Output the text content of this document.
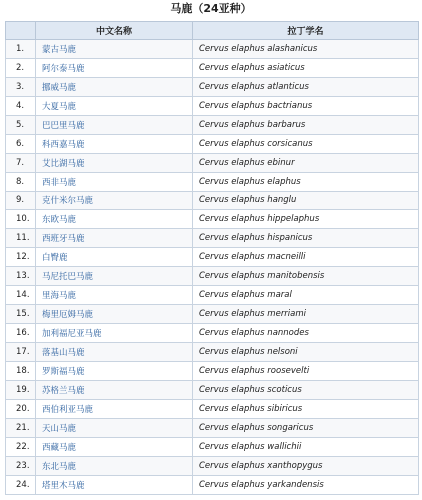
马鹿（24亚种）
	中文名称	拉丁学名
1.	蒙古马鹿	Cervus elaphus alashanicus
2.	阿尔泰马鹿	Cervus elaphus asiaticus
3.	挪威马鹿	Cervus elaphus atlanticus
4.	大夏马鹿	Cervus elaphus bactrianus
5.	巴巴里马鹿	Cervus elaphus barbarus
6.	科西嘉马鹿	Cervus elaphus corsicanus
7.	艾比湖马鹿	Cervus elaphus ebinur
8.	西非马鹿	Cervus elaphus elaphus
9.	克什米尔马鹿	Cervus elaphus hanglu
10.	东欧马鹿	Cervus elaphus hippelaphus
11.	西班牙马鹿	Cervus elaphus hispanicus
12.	白臀鹿	Cervus elaphus macneilli
13.	马尼托巴马鹿	Cervus elaphus manitobensis
14.	里海马鹿	Cervus elaphus maral
15.	梅里厄姆马鹿	Cervus elaphus merriami
16.	加利福尼亚马鹿	Cervus elaphus nannodes
17.	落基山马鹿	Cervus elaphus nelsoni
18.	罗斯福马鹿	Cervus elaphus roosevelti
19.	苏格兰马鹿	Cervus elaphus scoticus
20.	西伯利亚马鹿	Cervus elaphus sibiricus
21.	天山马鹿	Cervus elaphus songaricus
22.	西藏马鹿	Cervus elaphus wallichii
23.	东北马鹿	Cervus elaphus xanthopygus
24.	塔里木马鹿	Cervus elaphus yarkandensis
